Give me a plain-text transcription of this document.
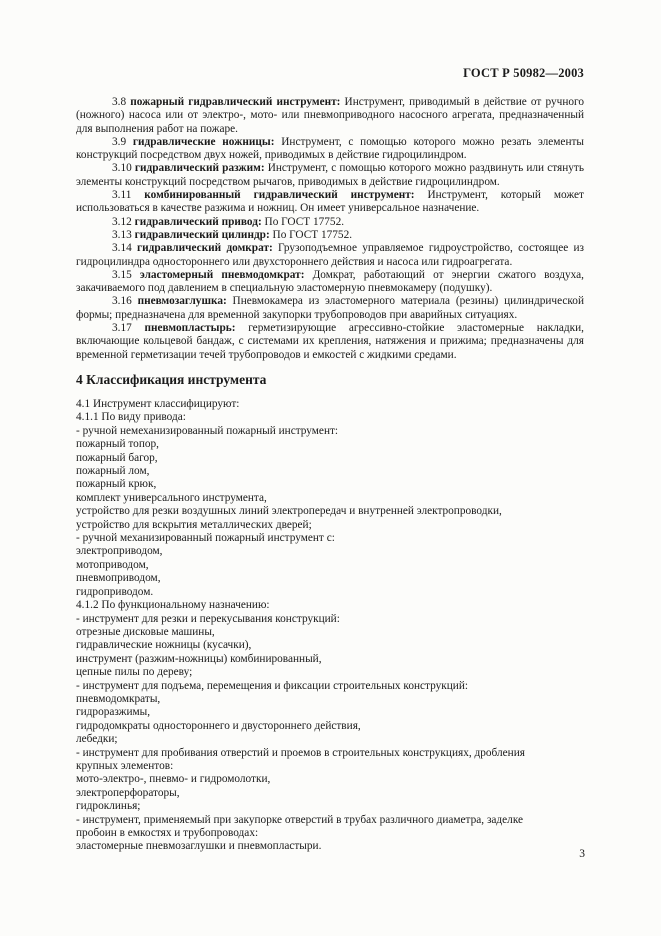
ГОСТ Р 50982—2003

3.8 пожарный гидравлический инструмент: Инструмент, приводимый в действие от ручного (ножного) насоса или от электро-, мото- или пневмоприводного насосного агрегата, предназначенный для выполнения работ на пожаре.

3.9 гидравлические ножницы: Инструмент, с помощью которого можно резать элементы конструкций посредством двух ножей, приводимых в действие гидроцилиндром.

3.10 гидравлический разжим: Инструмент, с помощью которого можно раздвинуть или стянуть элементы конструкций посредством рычагов, приводимых в действие гидроцилиндром.

3.11 комбинированный гидравлический инструмент: Инструмент, который может использоваться в качестве разжима и ножниц. Он имеет универсальное назначение.

3.12 гидравлический привод: По ГОСТ 17752.

3.13 гидравлический цилиндр: По ГОСТ 17752.

3.14 гидравлический домкрат: Грузоподъемное управляемое гидроустройство, состоящее из гидроцилиндра одностороннего или двухстороннего действия и насоса или гидроагрегата.

3.15 эластомерный пневмодомкрат: Домкрат, работающий от энергии сжатого воздуха, закачиваемого под давлением в специальную эластомерную пневмокамеру (подушку).

3.16 пневмозаглушка: Пневмокамера из эластомерного материала (резины) цилиндрической формы; предназначена для временной закупорки трубопроводов при аварийных ситуациях.

3.17 пневмопластырь: герметизирующие агрессивно-стойкие эластомерные накладки, включающие кольцевой бандаж, с системами их крепления, натяжения и прижима; предназначены для временной герметизации течей трубопроводов и емкостей с жидкими средами.

4 Классификация инструмента

4.1 Инструмент классифицируют:

4.1.1 По виду привода:

- ручной немеханизированный пожарный инструмент:

пожарный топор,

пожарный багор,

пожарный лом,

пожарный крюк,

комплект универсального инструмента,

устройство для резки воздушных линий электропередач и внутренней электропроводки,

устройство для вскрытия металлических дверей;

- ручной механизированный пожарный инструмент с:

электроприводом,

мотоприводом,

пневмоприводом,

гидроприводом.

4.1.2 По функциональному назначению:

- инструмент для резки и перекусывания конструкций:

отрезные дисковые машины,

гидравлические ножницы (кусачки),

инструмент (разжим-ножницы) комбинированный,

цепные пилы по дереву;

- инструмент для подъема, перемещения и фиксации строительных конструкций:

пневмодомкраты,

гидроразжимы,

гидродомкраты одностороннего и двустороннего действия,

лебедки;

- инструмент для пробивания отверстий и проемов в строительных конструкциях, дробления

крупных элементов:

мото-электро-, пневмо- и гидромолотки,

электроперфораторы,

гидроклинья;

- инструмент, применяемый при закупорке отверстий в трубах различного диаметра, заделке

пробоин в емкостях и трубопроводах:

эластомерные пневмозаглушки и пневмопластыри.

3
